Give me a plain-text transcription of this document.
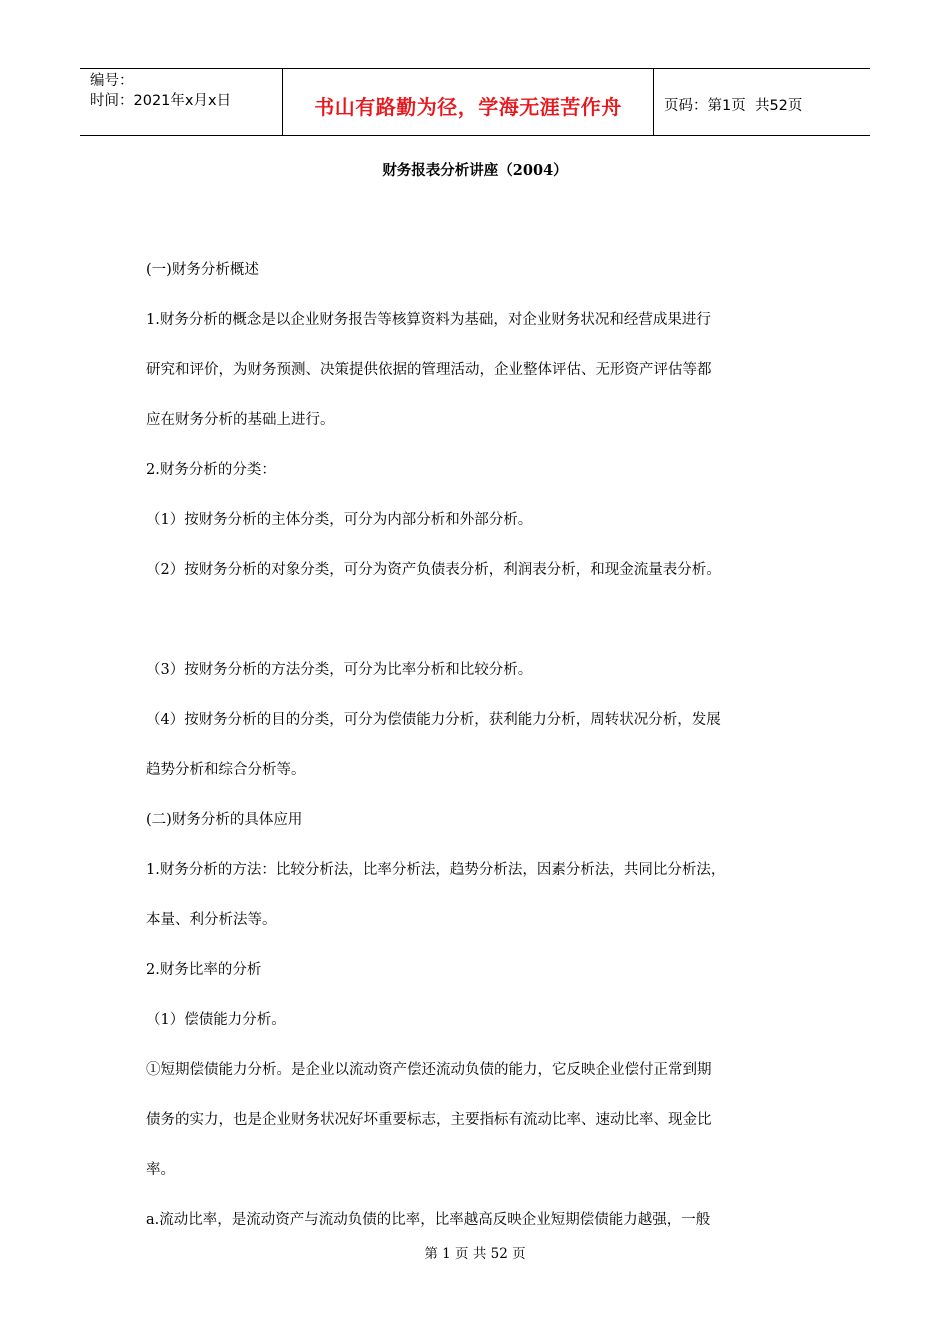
编号：
时间：2021年x月x日	书山有路勤为径，学海无涯苦作舟	页码：第1页  共52页
财务报表分析讲座（2004）

(一)财务分析概述

1.财务分析的概念是以企业财务报告等核算资料为基础，对企业财务状况和经营成果进行

研究和评价，为财务预测、决策提供依据的管理活动，企业整体评估、无形资产评估等都

应在财务分析的基础上进行。

2.财务分析的分类：

（1）按财务分析的主体分类，可分为内部分析和外部分析。

（2）按财务分析的对象分类，可分为资产负债表分析，利润表分析，和现金流量表分析。

（3）按财务分析的方法分类，可分为比率分析和比较分析。

（4）按财务分析的目的分类，可分为偿债能力分析，获利能力分析，周转状况分析，发展

趋势分析和综合分析等。

(二)财务分析的具体应用

1.财务分析的方法：比较分析法，比率分析法，趋势分析法，因素分析法，共同比分析法，

本量、利分析法等。

2.财务比率的分析

（1）偿债能力分析。

①短期偿债能力分析。是企业以流动资产偿还流动负债的能力，它反映企业偿付正常到期

债务的实力，也是企业财务状况好坏重要标志，主要指标有流动比率、速动比率、现金比

率。

a.流动比率，是流动资产与流动负债的比率，比率越高反映企业短期偿债能力越强，一般

第 1 页 共 52 页
